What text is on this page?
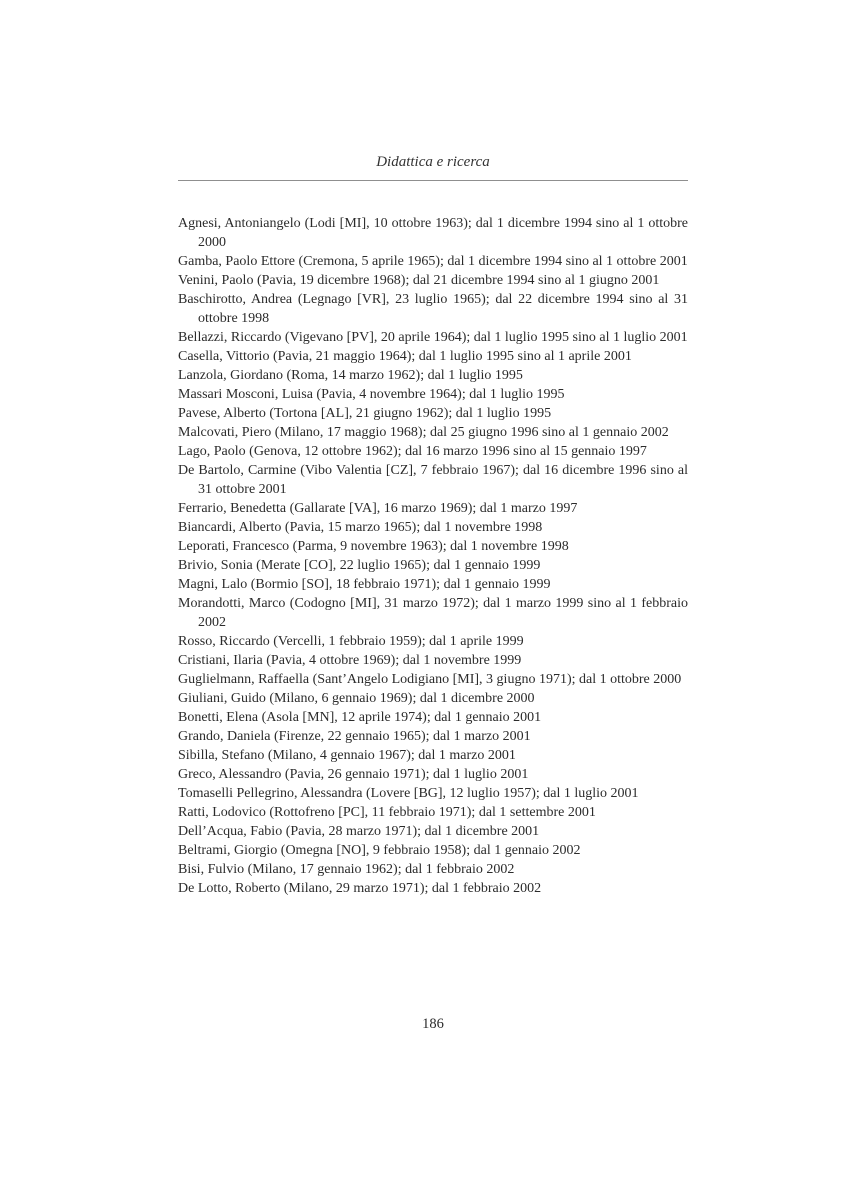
Didattica e ricerca

Agnesi, Antoniangelo (Lodi [MI], 10 ottobre 1963); dal 1 dicembre 1994 sino al 1 ottobre 2000

Gamba, Paolo Ettore (Cremona, 5 aprile 1965); dal 1 dicembre 1994 sino al 1 ottobre 2001

Venini, Paolo (Pavia, 19 dicembre 1968); dal 21 dicembre 1994 sino al 1 giugno 2001

Baschirotto, Andrea (Legnago [VR], 23 luglio 1965); dal 22 dicembre 1994 sino al 31 ottobre 1998

Bellazzi, Riccardo (Vigevano [PV], 20 aprile 1964); dal 1 luglio 1995 sino al 1 luglio 2001

Casella, Vittorio (Pavia, 21 maggio 1964); dal 1 luglio 1995 sino al 1 aprile 2001

Lanzola, Giordano (Roma, 14 marzo 1962); dal 1 luglio 1995

Massari Mosconi, Luisa (Pavia, 4 novembre 1964); dal 1 luglio 1995

Pavese, Alberto (Tortona [AL], 21 giugno 1962); dal 1 luglio 1995

Malcovati, Piero (Milano, 17 maggio 1968); dal 25 giugno 1996 sino al 1 gennaio 2002

Lago, Paolo (Genova, 12 ottobre 1962); dal 16 marzo 1996 sino al 15 gennaio 1997

De Bartolo, Carmine (Vibo Valentia [CZ], 7 febbraio 1967); dal 16 dicembre 1996 sino al 31 ottobre 2001

Ferrario, Benedetta (Gallarate [VA], 16 marzo 1969); dal 1 marzo 1997

Biancardi, Alberto (Pavia, 15 marzo 1965); dal 1 novembre 1998

Leporati, Francesco (Parma, 9 novembre 1963); dal 1 novembre 1998

Brivio, Sonia (Merate [CO], 22 luglio 1965); dal 1 gennaio 1999

Magni, Lalo (Bormio [SO], 18 febbraio 1971); dal 1 gennaio 1999

Morandotti, Marco (Codogno [MI], 31 marzo 1972); dal 1 marzo 1999 sino al 1 febbraio 2002

Rosso, Riccardo (Vercelli, 1 febbraio 1959); dal 1 aprile 1999

Cristiani, Ilaria (Pavia, 4 ottobre 1969); dal 1 novembre 1999

Guglielmann, Raffaella (Sant’Angelo Lodigiano [MI], 3 giugno 1971); dal 1 ottobre 2000

Giuliani, Guido (Milano, 6 gennaio 1969); dal 1 dicembre 2000

Bonetti, Elena (Asola [MN], 12 aprile 1974); dal 1 gennaio 2001

Grando, Daniela (Firenze, 22 gennaio 1965); dal 1 marzo 2001

Sibilla, Stefano (Milano, 4 gennaio 1967); dal 1 marzo 2001

Greco, Alessandro (Pavia, 26 gennaio 1971); dal 1 luglio 2001

Tomaselli Pellegrino, Alessandra (Lovere [BG], 12 luglio 1957); dal 1 luglio 2001

Ratti, Lodovico (Rottofreno [PC], 11 febbraio 1971); dal 1 settembre 2001

Dell’Acqua, Fabio (Pavia, 28 marzo 1971); dal 1 dicembre 2001

Beltrami, Giorgio (Omegna [NO], 9 febbraio 1958); dal 1 gennaio 2002

Bisi, Fulvio (Milano, 17 gennaio 1962); dal 1 febbraio 2002

De Lotto, Roberto (Milano, 29 marzo 1971); dal 1 febbraio 2002

186
